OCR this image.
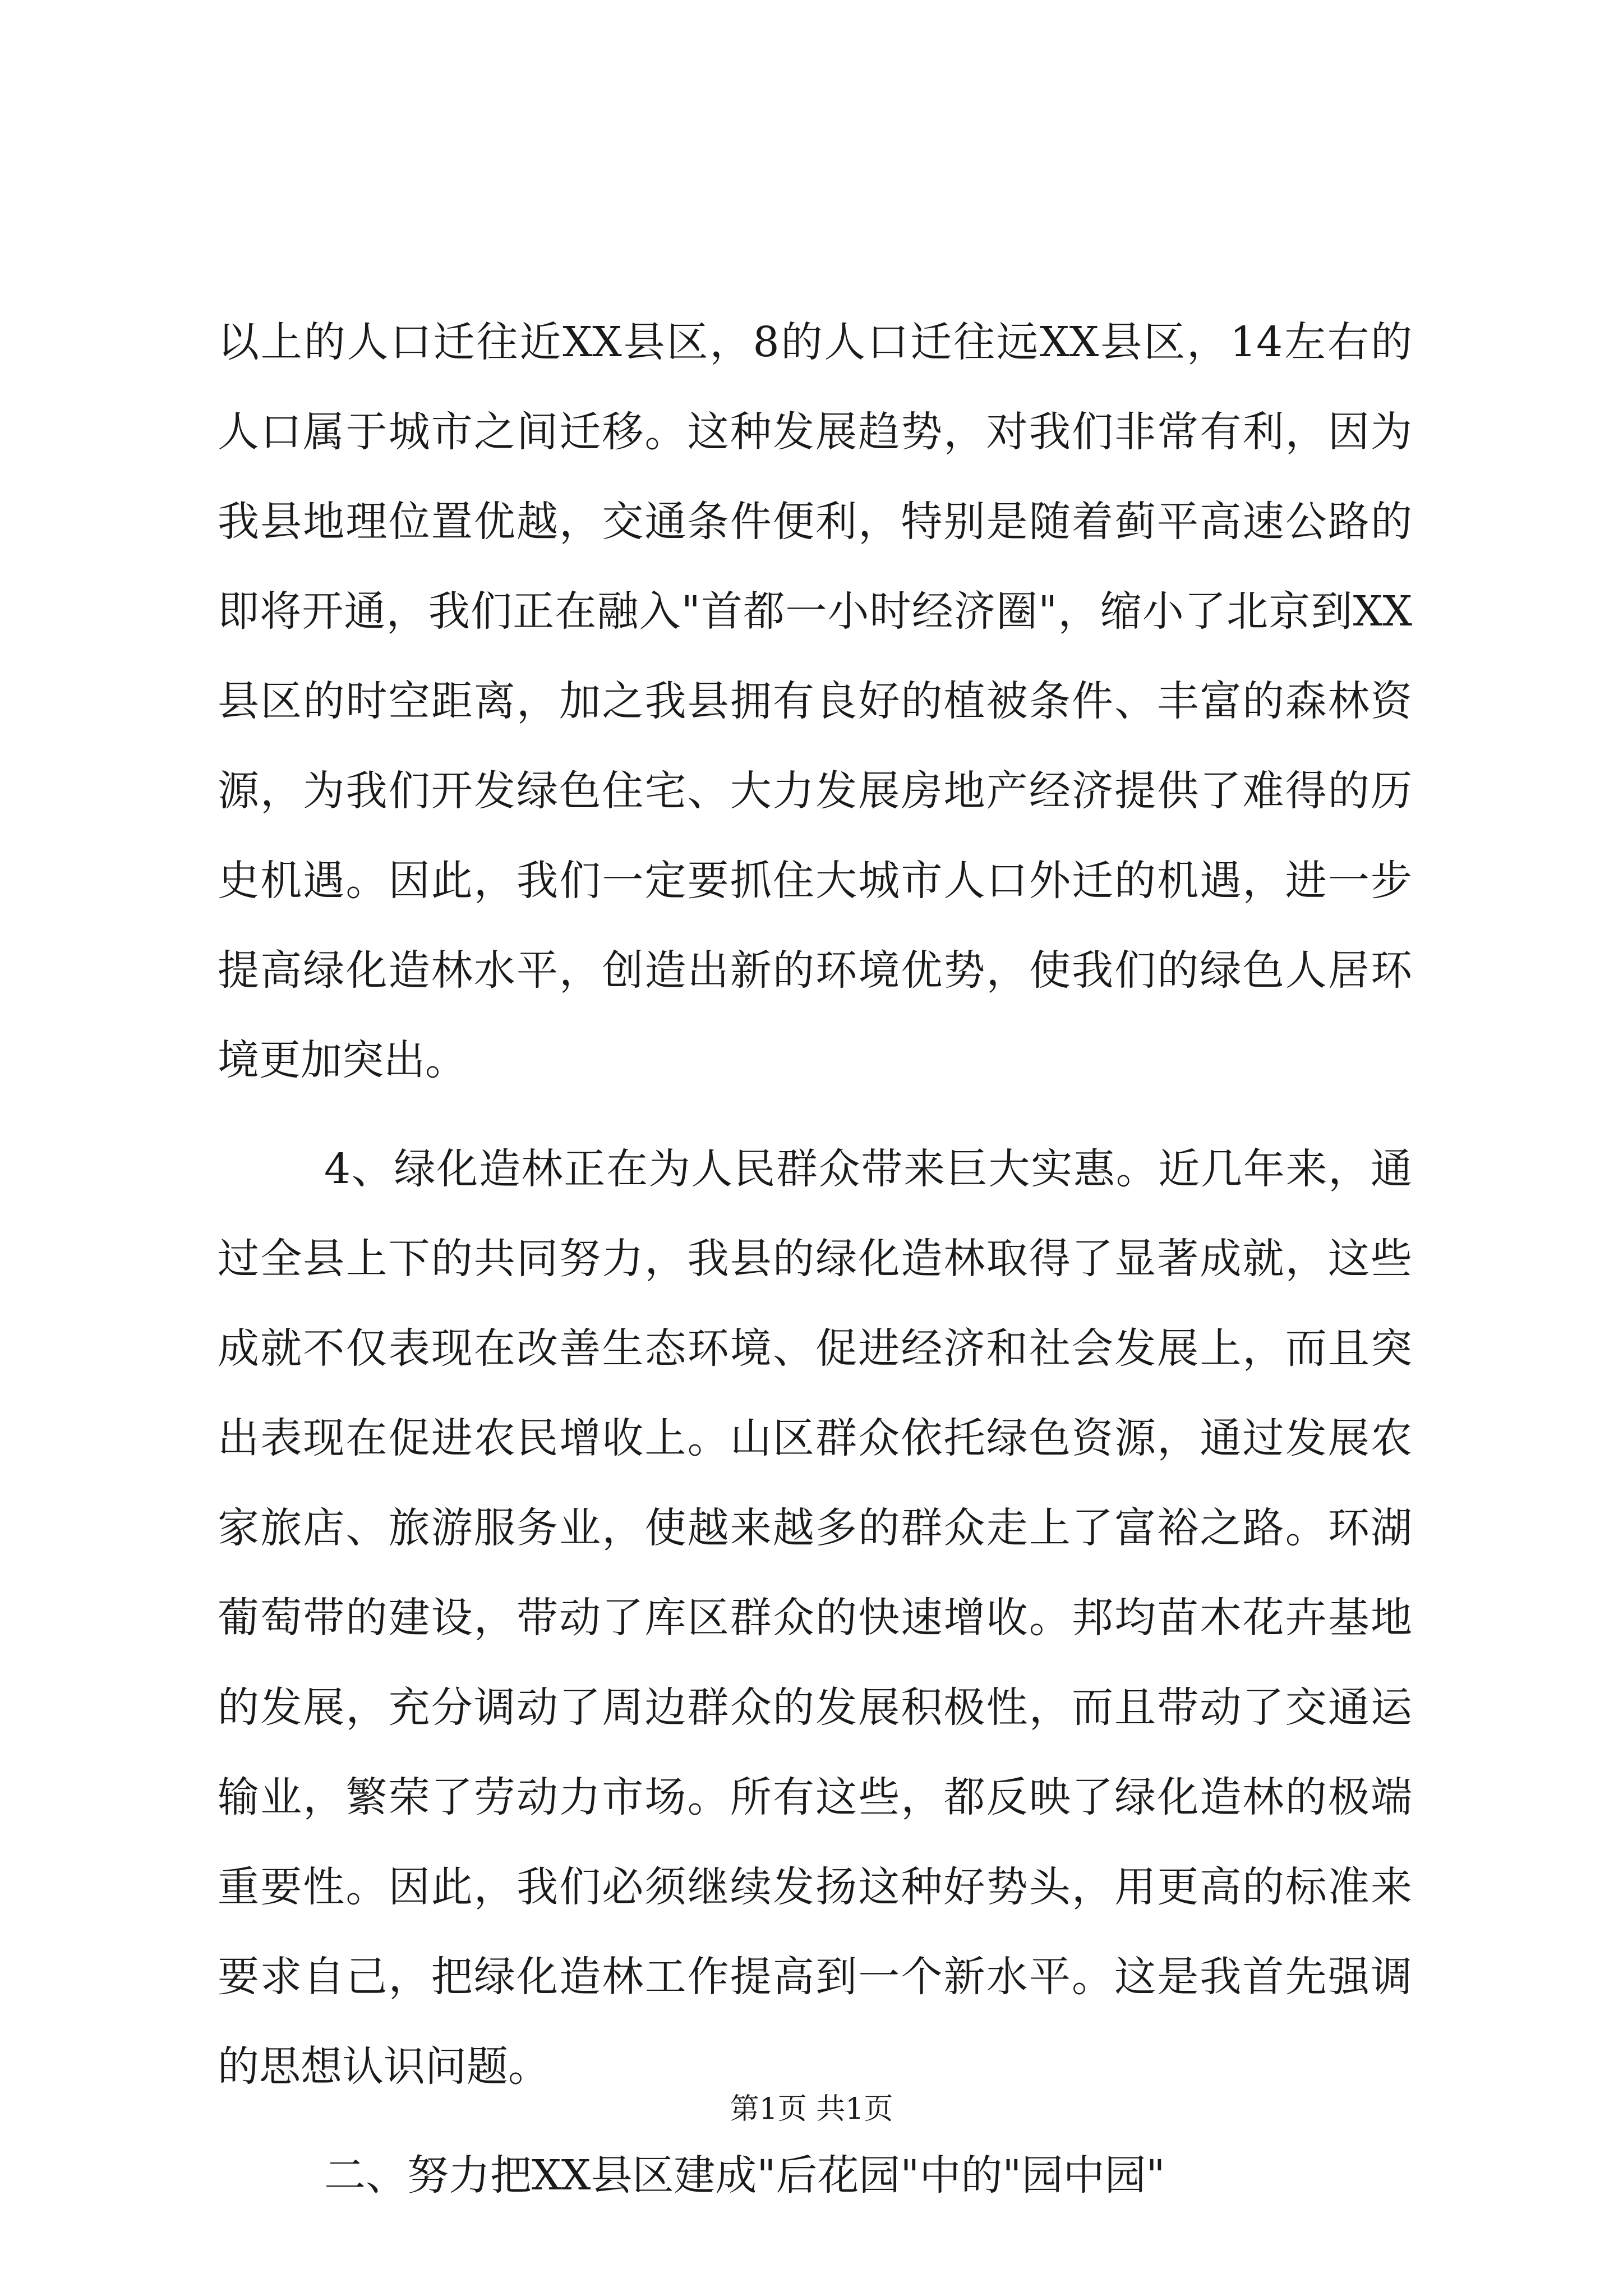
以上的人口迁往近XX县区，8的人口迁往远XX县区，14左右的
人口属于城市之间迁移。这种发展趋势，对我们非常有利，因为
我县地理位置优越，交通条件便利，特别是随着蓟平高速公路的
即将开通，我们正在融入"首都一小时经济圈"，缩小了北京到XX
县区的时空距离，加之我县拥有良好的植被条件、丰富的森林资
源，为我们开发绿色住宅、大力发展房地产经济提供了难得的历
史机遇。因此，我们一定要抓住大城市人口外迁的机遇，进一步
提高绿化造林水平，创造出新的环境优势，使我们的绿色人居环
境更加突出。
4、绿化造林正在为人民群众带来巨大实惠。近几年来，通
过全县上下的共同努力，我县的绿化造林取得了显著成就，这些
成就不仅表现在改善生态环境、促进经济和社会发展上，而且突
出表现在促进农民增收上。山区群众依托绿色资源，通过发展农
家旅店、旅游服务业，使越来越多的群众走上了富裕之路。环湖
葡萄带的建设，带动了库区群众的快速增收。邦均苗木花卉基地
的发展，充分调动了周边群众的发展积极性，而且带动了交通运
输业，繁荣了劳动力市场。所有这些，都反映了绿化造林的极端
重要性。因此，我们必须继续发扬这种好势头，用更高的标准来
要求自己，把绿化造林工作提高到一个新水平。这是我首先强调
的思想认识问题。
二、努力把XX县区建成"后花园"中的"园中园"
第1页 共1页
